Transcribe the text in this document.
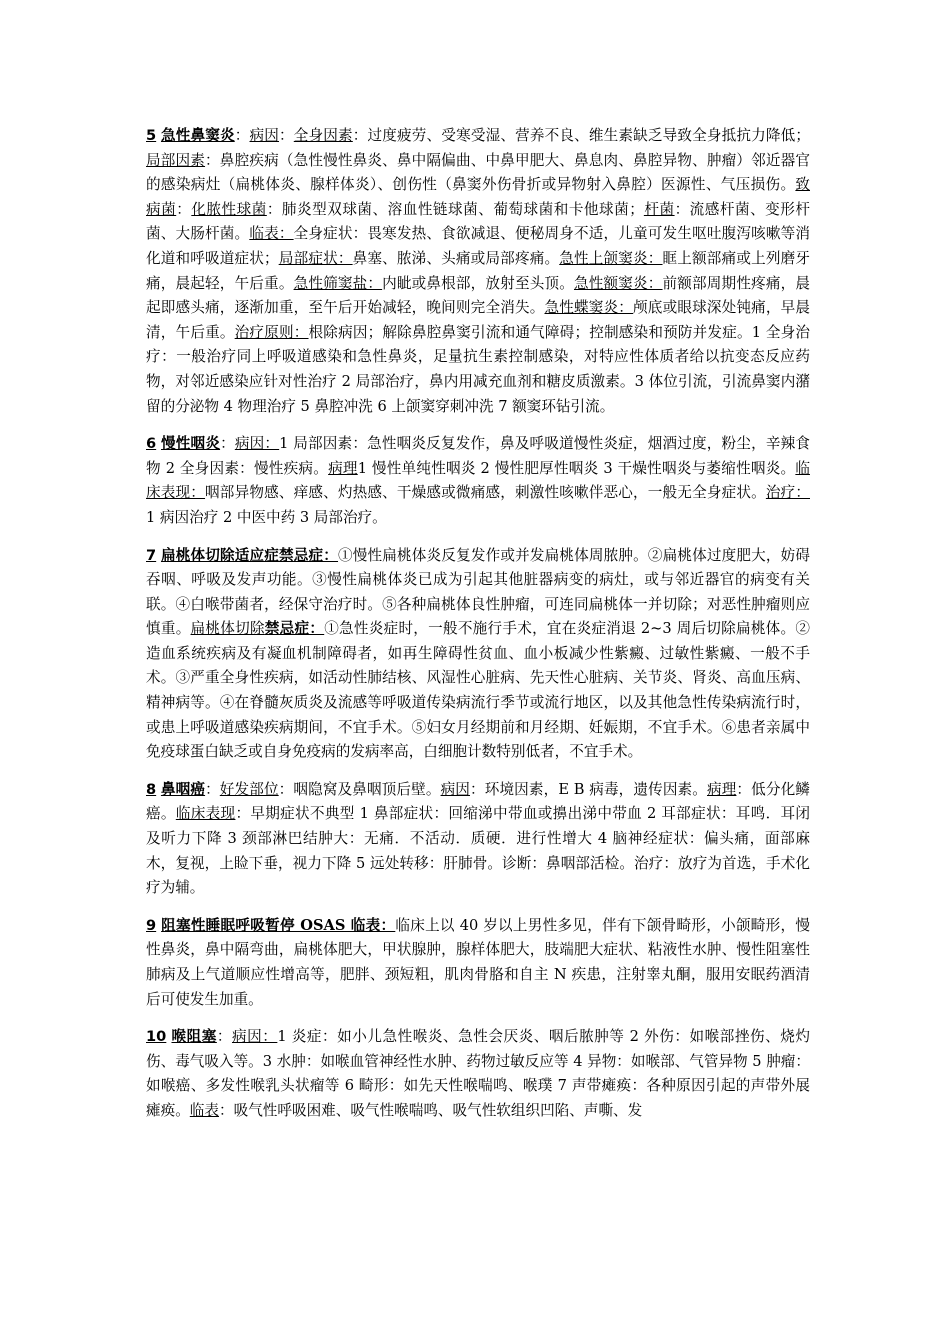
5 急性鼻窦炎：病因：全身因素：过度疲劳、受寒受湿、营养不良、维生素缺乏导致全身抵抗力降低；局部因素：鼻腔疾病（急性慢性鼻炎、鼻中隔偏曲、中鼻甲肥大、鼻息肉、鼻腔异物、肿瘤）邻近器官的感染病灶（扁桃体炎、腺样体炎）、创伤性（鼻窦外伤骨折或异物射入鼻腔）医源性、气压损伤。致病菌：化脓性球菌：肺炎型双球菌、溶血性链球菌、葡萄球菌和卡他球菌；杆菌：流感杆菌、变形杆菌、大肠杆菌。临表：全身症状：畏寒发热、食欲减退、便秘周身不适，儿童可发生呕吐腹泻咳嗽等消化道和呼吸道症状；局部症状：鼻塞、脓涕、头痛或局部疼痛。急性上颌窦炎：眶上额部痛或上列磨牙痛，晨起轻，午后重。急性筛窦盐：内眦或鼻根部，放射至头顶。急性额窦炎：前额部周期性疼痛，晨起即感头痛，逐渐加重，至午后开始减轻，晚间则完全消失。急性蝶窦炎：颅底或眼球深处钝痛，早晨清，午后重。治疗原则：根除病因；解除鼻腔鼻窦引流和通气障碍；控制感染和预防并发症。1 全身治疗：一般治疗同上呼吸道感染和急性鼻炎，足量抗生素控制感染，对特应性体质者给以抗变态反应药物，对邻近感染应针对性治疗 2 局部治疗，鼻内用减充血剂和糖皮质激素。3 体位引流，引流鼻窦内潴留的分泌物 4 物理治疗 5 鼻腔冲洗 6 上颌窦穿刺冲洗 7 额窦环钻引流。

6 慢性咽炎：病因：1 局部因素：急性咽炎反复发作，鼻及呼吸道慢性炎症，烟酒过度，粉尘，辛辣食物 2 全身因素：慢性疾病。病理1 慢性单纯性咽炎 2 慢性肥厚性咽炎 3 干燥性咽炎与萎缩性咽炎。临床表现：咽部异物感、痒感、灼热感、干燥感或微痛感，刺激性咳嗽伴恶心，一般无全身症状。治疗：1 病因治疗 2 中医中药 3 局部治疗。

7 扁桃体切除适应症禁忌症：①慢性扁桃体炎反复发作或并发扁桃体周脓肿。②扁桃体过度肥大，妨碍吞咽、呼吸及发声功能。③慢性扁桃体炎已成为引起其他脏器病变的病灶，或与邻近器官的病变有关联。④白喉带菌者，经保守治疗时。⑤各种扁桃体良性肿瘤，可连同扁桃体一并切除；对恶性肿瘤则应慎重。扁桃体切除禁忌症：①急性炎症时，一般不施行手术，宜在炎症消退 2~3 周后切除扁桃体。②造血系统疾病及有凝血机制障碍者，如再生障碍性贫血、血小板减少性紫癜、过敏性紫癜、一般不手术。③严重全身性疾病，如活动性肺结核、风湿性心脏病、先天性心脏病、关节炎、肾炎、高血压病、精神病等。④在脊髓灰质炎及流感等呼吸道传染病流行季节或流行地区，以及其他急性传染病流行时，或患上呼吸道感染疾病期间，不宜手术。⑤妇女月经期前和月经期、妊娠期，不宜手术。⑥患者亲属中免疫球蛋白缺乏或自身免疫病的发病率高，白细胞计数特别低者，不宜手术。

8 鼻咽癌：好发部位：咽隐窝及鼻咽顶后壁。病因：环境因素，E B 病毒，遗传因素。病理：低分化鳞癌。临床表现：早期症状不典型 1 鼻部症状：回缩涕中带血或擤出涕中带血 2 耳部症状：耳鸣．耳闭及听力下降 3 颈部淋巴结肿大：无痛．不活动．质硬．进行性增大 4 脑神经症状：偏头痛，面部麻木，复视，上睑下垂，视力下降 5 远处转移：肝肺骨。诊断：鼻咽部活检。治疗：放疗为首选，手术化疗为辅。

9 阻塞性睡眠呼吸暂停 OSAS 临表：临床上以 40 岁以上男性多见，伴有下颌骨畸形，小颌畸形，慢性鼻炎，鼻中隔弯曲，扁桃体肥大，甲状腺肿，腺样体肥大，肢端肥大症状、粘液性水肿、慢性阻塞性肺病及上气道顺应性增高等，肥胖、颈短粗，肌肉骨胳和自主 N 疾患，注射睾丸酮，服用安眠药酒清后可使发生加重。

10 喉阻塞：病因：1 炎症：如小儿急性喉炎、急性会厌炎、咽后脓肿等 2 外伤：如喉部挫伤、烧灼伤、毒气吸入等。3 水肿：如喉血管神经性水肿、药物过敏反应等 4 异物：如喉部、气管异物 5 肿瘤：如喉癌、多发性喉乳头状瘤等 6 畸形：如先天性喉喘鸣、喉璞 7 声带瘫痪：各种原因引起的声带外展瘫痪。临表：吸气性呼吸困难、吸气性喉喘鸣、吸气性软组织凹陷、声嘶、发
